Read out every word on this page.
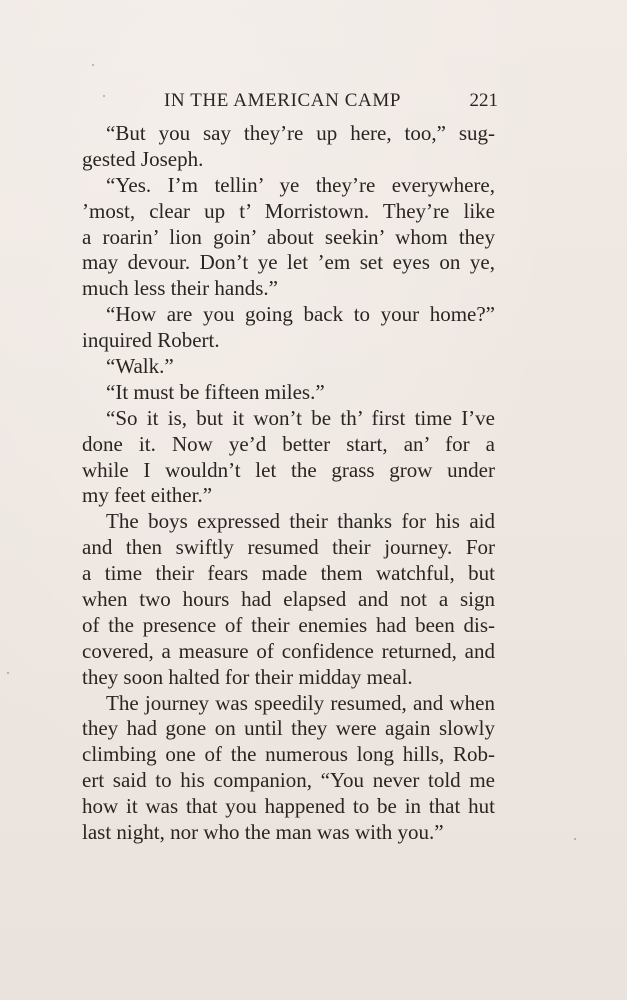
IN THE AMERICAN CAMP	221
“But you say they’re up here, too,” sug-
gested Joseph.
“Yes. I’m tellin’ ye they’re everywhere,
’most, clear up t’ Morristown. They’re like
a roarin’ lion goin’ about seekin’ whom they
may devour. Don’t ye let ’em set eyes on ye,
much less their hands.”
“How are you going back to your home?”
inquired Robert.
“Walk.”
“It must be fifteen miles.”
“So it is, but it won’t be th’ first time I’ve
done it. Now ye’d better start, an’ for a
while I wouldn’t let the grass grow under
my feet either.”
The boys expressed their thanks for his aid
and then swiftly resumed their journey. For
a time their fears made them watchful, but
when two hours had elapsed and not a sign
of the presence of their enemies had been dis-
covered, a measure of confidence returned, and
they soon halted for their midday meal.
The journey was speedily resumed, and when
they had gone on until they were again slowly
climbing one of the numerous long hills, Rob-
ert said to his companion, “You never told me
how it was that you happened to be in that hut
last night, nor who the man was with you.”
